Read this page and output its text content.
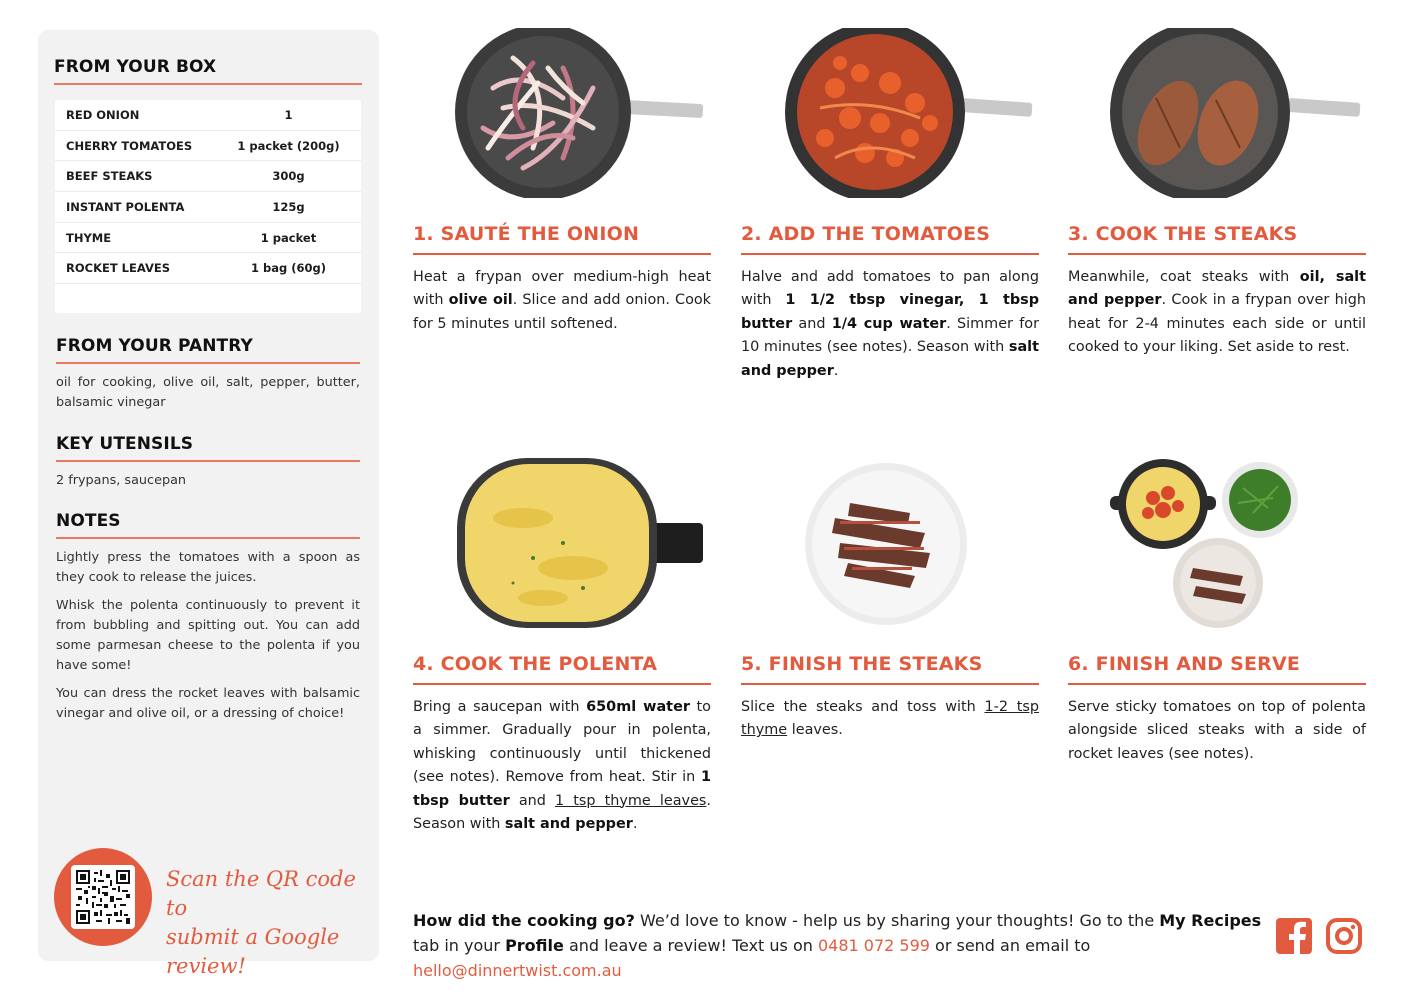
FROM YOUR BOX
RED ONION	1
CHERRY TOMATOES	1 packet (200g)
BEEF STEAKS	300g
INSTANT POLENTA	125g
THYME	1 packet
ROCKET LEAVES	1 bag (60g)
FROM YOUR PANTRY
oil for cooking, olive oil, salt, pepper, butter, balsamic vinegar
KEY UTENSILS
2 frypans, saucepan
NOTES

Lightly press the tomatoes with a spoon as they cook to release the juices.

Whisk the polenta continuously to prevent it from bubbling and spitting out. You can add some parmesan cheese to the polenta if you have some!

You can dress the rocket leaves with balsamic vinegar and olive oil, or a dressing of choice!

Scan the QR code to
submit a Google review!
1. SAUTÉ THE ONION
Heat a frypan over medium-high heat with olive oil. Slice and add onion. Cook for 5 minutes until softened.
2. ADD THE TOMATOES
Halve and add tomatoes to pan along with 1 1/2 tbsp vinegar, 1 tbsp butter and 1/4 cup water. Simmer for 10 minutes (see notes). Season with salt and pepper.
3. COOK THE STEAKS
Meanwhile, coat steaks with oil, salt and pepper. Cook in a frypan over high heat for 2-4 minutes each side or until cooked to your liking. Set aside to rest.
4. COOK THE POLENTA
Bring a saucepan with 650ml water to a simmer. Gradually pour in polenta, whisking continuously until thickened (see notes). Remove from heat. Stir in 1 tbsp butter and 1 tsp thyme leaves. Season with salt and pepper.
5. FINISH THE STEAKS
Slice the steaks and toss with 1-2 tsp thyme leaves.
6. FINISH AND SERVE
Serve sticky tomatoes on top of polenta alongside sliced steaks with a side of rocket leaves (see notes).
How did the cooking go? We’d love to know - help us by sharing your thoughts! Go to the My Recipes tab in your Profile and leave a review! Text us on 0481 072 599 or send an email to hello@dinnertwist.com.au
